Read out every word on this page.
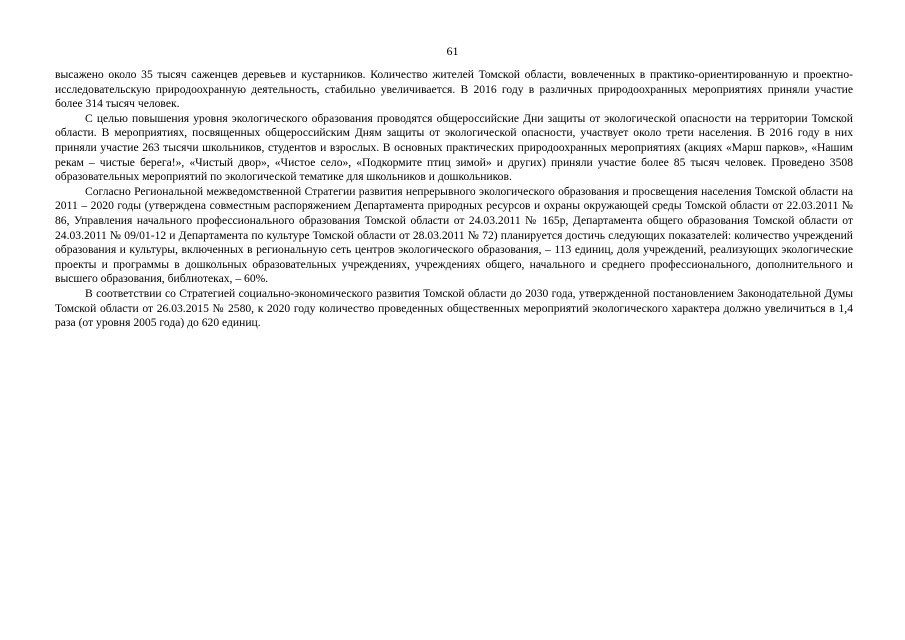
61

высажено около 35 тысяч саженцев деревьев и кустарников. Количество жителей Томской области, вовлеченных в практико-ориентированную и проектно-исследовательскую природоохранную деятельность, стабильно увеличивается. В 2016 году в различных природоохранных мероприятиях приняли участие более 314 тысяч человек.

С целью повышения уровня экологического образования проводятся общероссийские Дни защиты от экологической опасности на территории Томской области. В мероприятиях, посвященных общероссийским Дням защиты от экологической опасности, участвует около трети населения. В 2016 году в них приняли участие 263 тысячи школьников, студентов и взрослых. В основных практических природоохранных мероприятиях (акциях «Марш парков», «Нашим рекам – чистые берега!», «Чистый двор», «Чистое село», «Подкормите птиц зимой» и других) приняли участие более 85 тысяч человек. Проведено 3508 образовательных мероприятий по экологической тематике для школьников и дошкольников.

Согласно Региональной межведомственной Стратегии развития непрерывного экологического образования и просвещения населения Томской области на 2011 – 2020 годы (утверждена совместным распоряжением Департамента природных ресурсов и охраны окружающей среды Томской области от 22.03.2011 № 86, Управления начального профессионального образования Томской области от 24.03.2011 № 165р, Департамента общего образования Томской области от 24.03.2011 № 09/01-12 и Департамента по культуре Томской области от 28.03.2011 № 72) планируется достичь следующих показателей: количество учреждений образования и культуры, включенных в региональную сеть центров экологического образования, – 113 единиц, доля учреждений, реализующих экологические проекты и программы в дошкольных образовательных учреждениях, учреждениях общего, начального и среднего профессионального, дополнительного и высшего образования, библиотеках, – 60%.

В соответствии со Стратегией социально-экономического развития Томской области до 2030 года, утвержденной постановлением Законодательной Думы Томской области от 26.03.2015 № 2580, к 2020 году количество проведенных общественных мероприятий экологического характера должно увеличиться в 1,4 раза (от уровня 2005 года) до 620 единиц.
